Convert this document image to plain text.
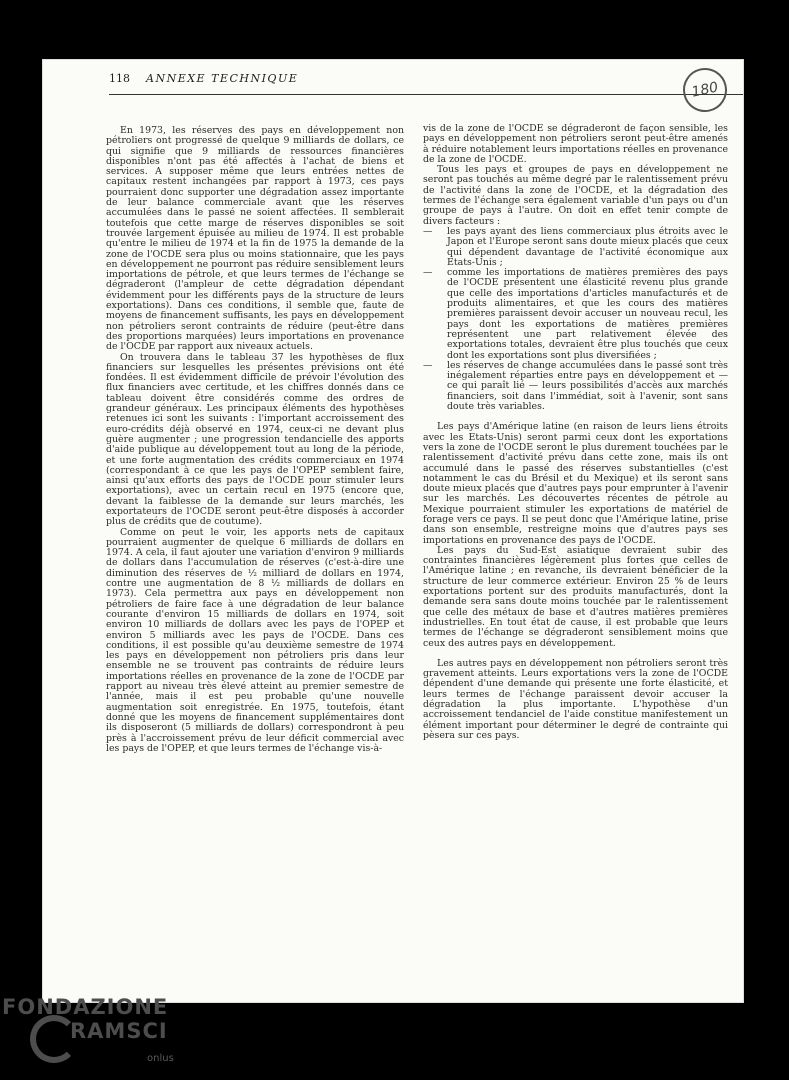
118 ANNEXE TECHNIQUE
180

En 1973, les réserves des pays en développement non pétroliers ont progressé de quelque 9 milliards de dollars, ce qui signifie que 9 milliards de ressources financières disponibles n'ont pas été affectés à l'achat de biens et services. A supposer même que leurs entrées nettes de capitaux restent inchangées par rapport à 1973, ces pays pourraient donc supporter une dégradation assez importante de leur balance commerciale avant que les réserves accumulées dans le passé ne soient affectées. Il semblerait toutefois que cette marge de réserves disponibles se soit trouvée largement épuisée au milieu de 1974. Il est probable qu'entre le milieu de 1974 et la fin de 1975 la demande de la zone de l'OCDE sera plus ou moins stationnaire, que les pays en développement ne pourront pas réduire sensiblement leurs importations de pétrole, et que leurs termes de l'échange se dégraderont (l'ampleur de cette dégradation dépendant évidemment pour les différents pays de la structure de leurs exportations). Dans ces conditions, il semble que, faute de moyens de financement suffisants, les pays en développement non pétroliers seront contraints de réduire (peut-être dans des proportions marquées) leurs importations en provenance de l'OCDE par rapport aux niveaux actuels.

On trouvera dans le tableau 37 les hypothèses de flux financiers sur lesquelles les présentes prévisions ont été fondées. Il est évidemment difficile de prévoir l'évolution des flux financiers avec certitude, et les chiffres donnés dans ce tableau doivent être considérés comme des ordres de grandeur généraux. Les principaux éléments des hypothèses retenues ici sont les suivants : l'important accroissement des euro-crédits déjà observé en 1974, ceux-ci ne devant plus guère augmenter ; une progression tendancielle des apports d'aide publique au développement tout au long de la période, et une forte augmentation des crédits commerciaux en 1974 (correspondant à ce que les pays de l'OPEP semblent faire, ainsi qu'aux efforts des pays de l'OCDE pour stimuler leurs exportations), avec un certain recul en 1975 (encore que, devant la faiblesse de la demande sur leurs marchés, les exportateurs de l'OCDE seront peut-être disposés à accorder plus de crédits que de coutume).

Comme on peut le voir, les apports nets de capitaux pourraient augmenter de quelque 6 milliards de dollars en 1974. A cela, il faut ajouter une variation d'environ 9 milliards de dollars dans l'accumulation de réserves (c'est-à-dire une diminution des réserves de ½ milliard de dollars en 1974, contre une augmentation de 8 ½ milliards de dollars en 1973). Cela permettra aux pays en développement non pétroliers de faire face à une dégradation de leur balance courante d'environ 15 milliards de dollars en 1974, soit environ 10 milliards de dollars avec les pays de l'OPEP et environ 5 milliards avec les pays de l'OCDE. Dans ces conditions, il est possible qu'au deuxième semestre de 1974 les pays en développement non pétroliers pris dans leur ensemble ne se trouvent pas contraints de réduire leurs importations réelles en provenance de la zone de l'OCDE par rapport au niveau très élevé atteint au premier semestre de l'année, mais il est peu probable qu'une nouvelle augmentation soit enregistrée. En 1975, toutefois, étant donné que les moyens de financement supplémentaires dont ils disposeront (5 milliards de dollars) correspondront à peu près à l'accroissement prévu de leur déficit commercial avec les pays de l'OPEP, et que leurs termes de l'échange vis-à-

vis de la zone de l'OCDE se dégraderont de façon sensible, les pays en développement non pétroliers seront peut-être amenés à réduire notablement leurs importations réelles en provenance de la zone de l'OCDE.

Tous les pays et groupes de pays en développement ne seront pas touchés au même degré par le ralentissement prévu de l'activité dans la zone de l'OCDE, et la dégradation des termes de l'échange sera également variable d'un pays ou d'un groupe de pays à l'autre. On doit en effet tenir compte de divers facteurs :

— les pays ayant des liens commerciaux plus étroits avec le Japon et l'Europe seront sans doute mieux placés que ceux qui dépendent davantage de l'activité économique aux Etats-Unis ;
— comme les importations de matières premières des pays de l'OCDE présentent une élasticité revenu plus grande que celle des importations d'articles manufacturés et de produits alimentaires, et que les cours des matières premières paraissent devoir accuser un nouveau recul, les pays dont les exportations de matières premières représentent une part relativement élevée des exportations totales, devraient être plus touchés que ceux dont les exportations sont plus diversifiées ;
— les réserves de change accumulées dans le passé sont très inégalement réparties entre pays en développement et — ce qui paraît lié — leurs possibilités d'accès aux marchés financiers, soit dans l'immédiat, soit à l'avenir, sont sans doute très variables.

Les pays d'Amérique latine (en raison de leurs liens étroits avec les Etats-Unis) seront parmi ceux dont les exportations vers la zone de l'OCDE seront le plus durement touchées par le ralentissement d'activité prévu dans cette zone, mais ils ont accumulé dans le passé des réserves substantielles (c'est notamment le cas du Brésil et du Mexique) et ils seront sans doute mieux placés que d'autres pays pour emprunter à l'avenir sur les marchés. Les découvertes récentes de pétrole au Mexique pourraient stimuler les exportations de matériel de forage vers ce pays. Il se peut donc que l'Amérique latine, prise dans son ensemble, restreigne moins que d'autres pays ses importations en provenance des pays de l'OCDE.

Les pays du Sud-Est asiatique devraient subir des contraintes financières légèrement plus fortes que celles de l'Amérique latine ; en revanche, ils devraient bénéficier de la structure de leur commerce extérieur. Environ 25 % de leurs exportations portent sur des produits manufacturés, dont la demande sera sans doute moins touchée par le ralentissement que celle des métaux de base et d'autres matières premières industrielles. En tout état de cause, il est probable que leurs termes de l'échange se dégraderont sensiblement moins que ceux des autres pays en développement.

Les autres pays en développement non pétroliers seront très gravement atteints. Leurs exportations vers la zone de l'OCDE dépendent d'une demande qui présente une forte élasticité, et leurs termes de l'échange paraissent devoir accuser la dégradation la plus importante. L'hypothèse d'un accroissement tendanciel de l'aide constitue manifestement un élément important pour déterminer le degré de contrainte qui pèsera sur ces pays.

FONDAZIONE
RAMSCI
onlus
